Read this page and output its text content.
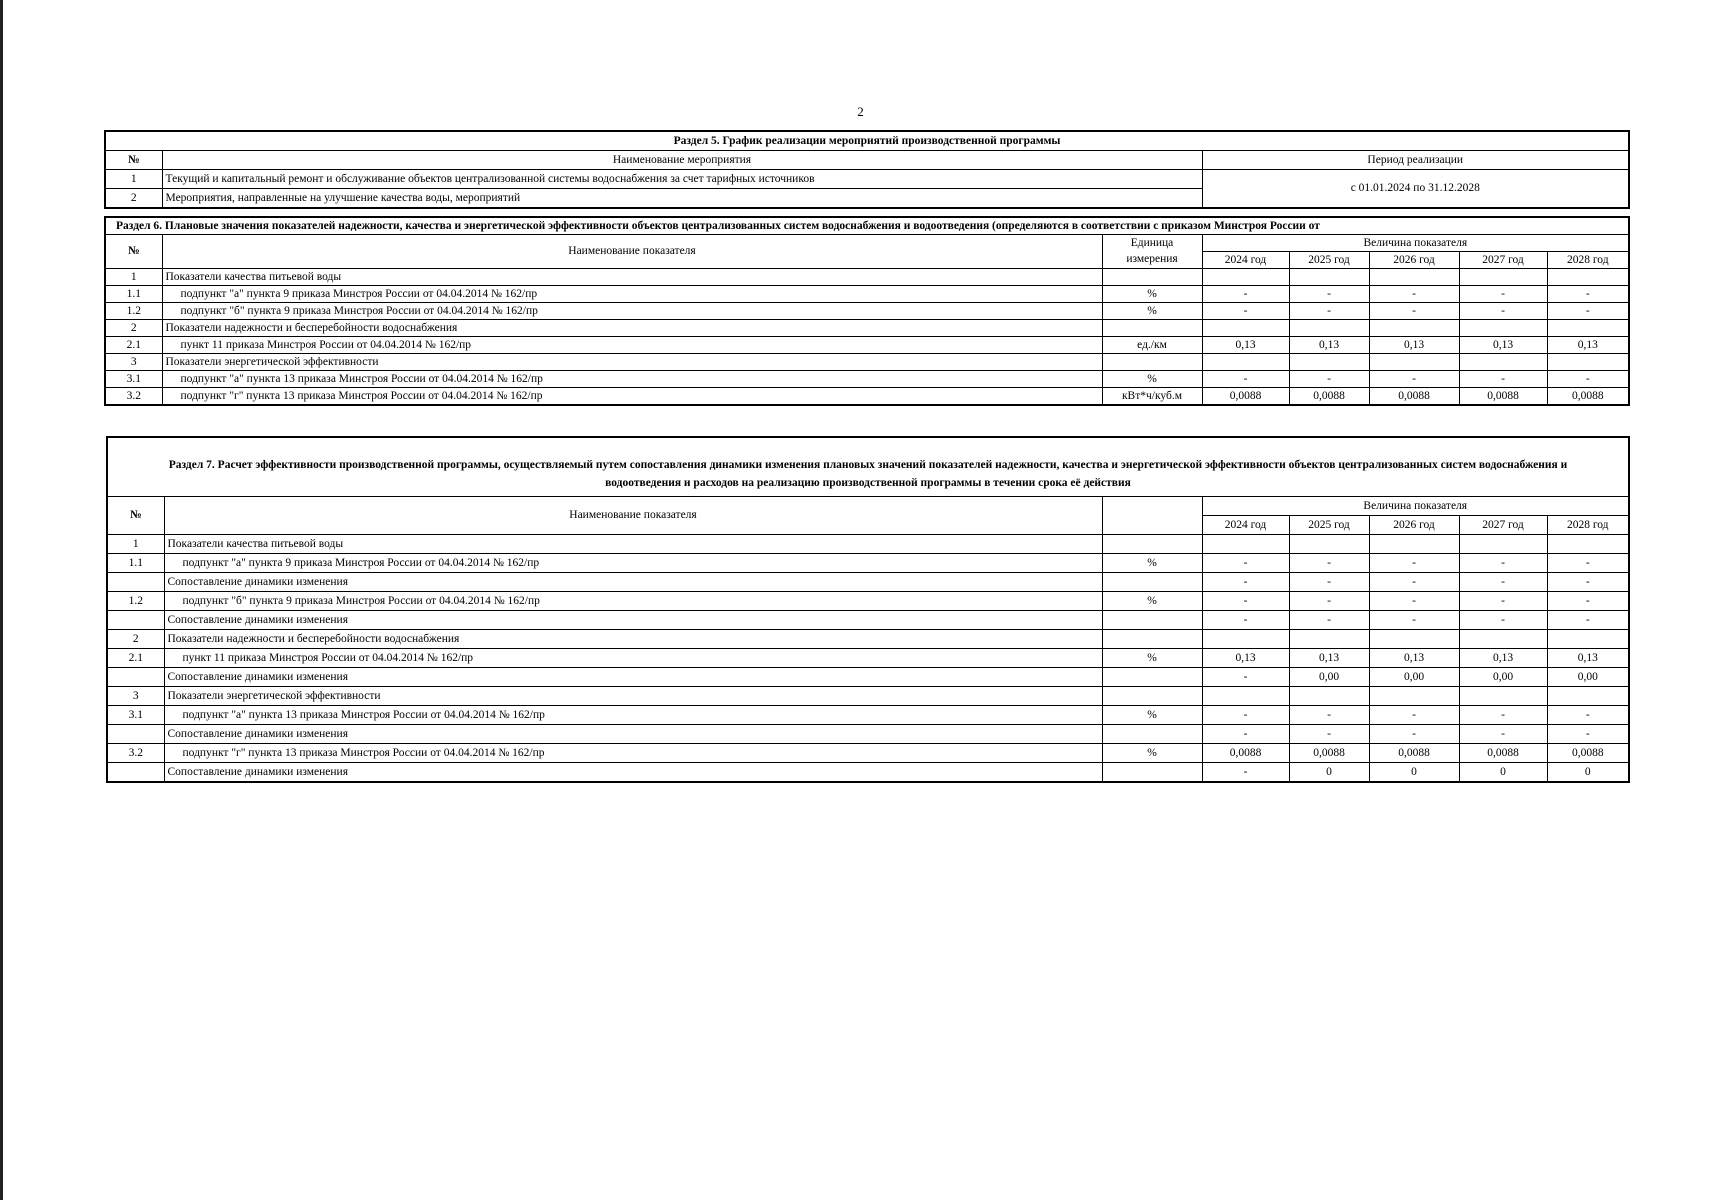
2
Раздел 5. График реализации мероприятий производственной программы		
№	Наименование мероприятия	Период реализации
1	Текущий и капитальный ремонт и обслуживание объектов централизованной системы водоснабжения за счет тарифных источников	с 01.01.2024 по 31.12.2028
2	Мероприятия, направленные на улучшение качества воды, мероприятий	
Раздел 6. Плановые значения показателей надежности, качества и энергетической эффективности объектов централизованных систем водоснабжения и водоотведения (определяются в соответствии с приказом Минстроя России от							
№	Наименование показателя	Единица	Величина показателя				
		измерения	2024 год	2025 год	2026 год	2027 год	2028 год
1	Показатели качества питьевой воды						
1.1	подпункт "а" пункта 9 приказа Минстроя России от 04.04.2014 № 162/пр	%	-	-	-	-	-
1.2	подпункт "б" пункта 9 приказа Минстроя России от 04.04.2014 № 162/пр	%	-	-	-	-	-
2	Показатели надежности и бесперебойности водоснабжения						
2.1	пункт 11 приказа Минстроя России от 04.04.2014 № 162/пр	ед./км	0,13	0,13	0,13	0,13	0,13
3	Показатели энергетической эффективности						
3.1	подпункт "а" пункта 13 приказа Минстроя России от 04.04.2014 № 162/пр	%	-	-	-	-	-
3.2	подпункт "г" пункта 13 приказа Минстроя России от 04.04.2014 № 162/пр	кВт*ч/куб.м	0,0088	0,0088	0,0088	0,0088	0,0088

Раздел 7. Расчет эффективности производственной программы, осуществляемый путем сопоставления динамики изменения плановых значений показателей надежности, качества и энергетической эффективности объектов централизованных систем водоснабжения и водоотведения и расходов на реализацию производственной программы в течении срока её действия							
№	Наименование показателя		Величина показателя				
			2024 год	2025 год	2026 год	2027 год	2028 год
1	Показатели качества питьевой воды						
1.1	подпункт "а" пункта 9 приказа Минстроя России от 04.04.2014 № 162/пр	%	-	-	-	-	-
	Сопоставление динамики изменения		-	-	-	-	-
1.2	подпункт "б" пункта 9 приказа Минстроя России от 04.04.2014 № 162/пр	%	-	-	-	-	-
	Сопоставление динамики изменения		-	-	-	-	-
2	Показатели надежности и бесперебойности водоснабжения						
2.1	пункт 11 приказа Минстроя России от 04.04.2014 № 162/пр	%	0,13	0,13	0,13	0,13	0,13
	Сопоставление динамики изменения		-	0,00	0,00	0,00	0,00
3	Показатели энергетической эффективности						
3.1	подпункт "а" пункта 13 приказа Минстроя России от 04.04.2014 № 162/пр	%	-	-	-	-	-
	Сопоставление динамики изменения		-	-	-	-	-
3.2	подпункт "г" пункта 13 приказа Минстроя России от 04.04.2014 № 162/пр	%	0,0088	0,0088	0,0088	0,0088	0,0088
	Сопоставление динамики изменения		-	0	0	0	0
